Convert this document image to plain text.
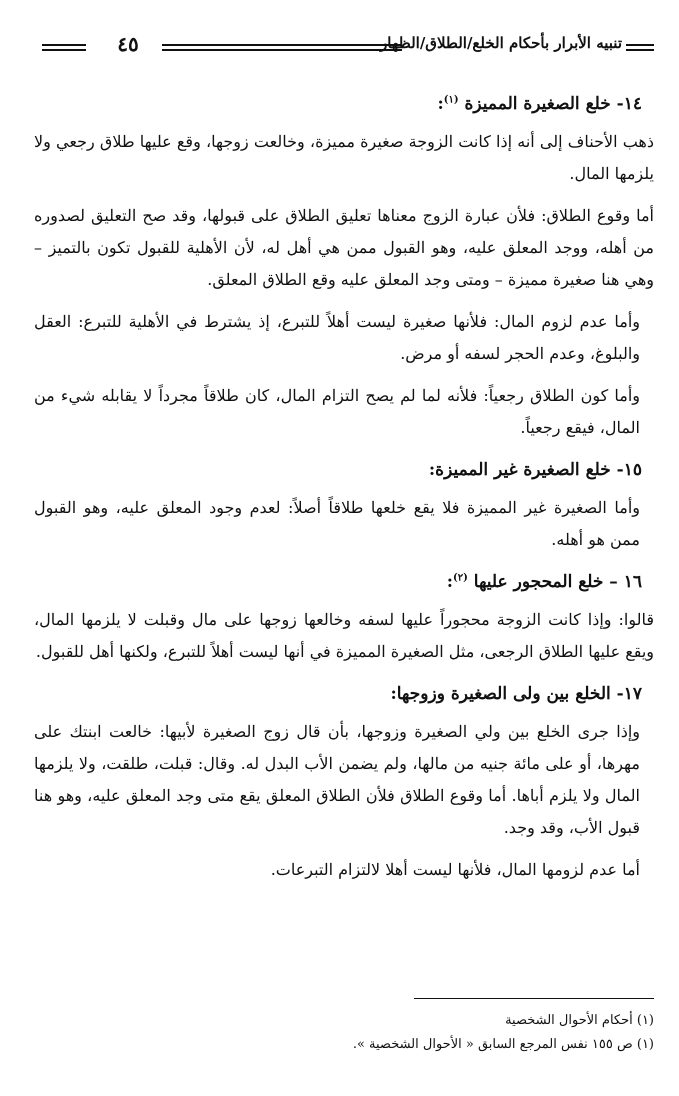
٤٥	تنبيه الأبرار بأحكام الخلع/الطلاق/الظهار
١٤- خلع الصغيرة المميزة $^{(١)}$:

ذهب الأحناف إلى أنه إذا كانت الزوجة صغيرة مميزة، وخالعت زوجها، وقع عليها طلاق رجعي ولا يلزمها المال.

أما وقوع الطلاق: فلأن عبارة الزوج معناها تعليق الطلاق على قبولها، وقد صح التعليق لصدوره من أهله، ووجد المعلق عليه، وهو القبول ممن هي أهل له، لأن الأهلية للقبول تكون بالتميز – وهي هنا صغيرة مميزة – ومتى وجد المعلق عليه وقع الطلاق المعلق.

وأما عدم لزوم المال: فلأنها صغيرة ليست أهلاً للتبرع، إذ يشترط في الأهلية للتبرع: العقل والبلوغ، وعدم الحجر لسفه أو مرض.

وأما كون الطلاق رجعياً: فلأنه لما لم يصح التزام المال، كان طلاقاً مجرداً لا يقابله شيء من المال، فيقع رجعياً.

١٥- خلع الصغيرة غير المميزة:

وأما الصغيرة غير المميزة فلا يقع خلعها طلاقاً أصلاً: لعدم وجود المعلق عليه، وهو القبول ممن هو أهله.

١٦ – خلع المحجور عليها $^{(٢)}$:

قالوا: وإذا كانت الزوجة محجوراً عليها لسفه وخالعها زوجها على مال وقبلت لا يلزمها المال، ويقع عليها الطلاق الرجعى، مثل الصغيرة المميزة في أنها ليست أهلاً للتبرع، ولكنها أهل للقبول.

١٧- الخلع بين ولى الصغيرة وزوجها:

وإذا جرى الخلع بين ولي الصغيرة وزوجها، بأن قال زوج الصغيرة لأبيها: خالعت ابنتك على مهرها، أو على مائة جنيه من مالها، ولم يضمن الأب البدل له. وقال: قبلت، طلقت، ولا يلزمها المال ولا يلزم أباها. أما وقوع الطلاق فلأن الطلاق المعلق يقع متى وجد المعلق عليه، وهو هنا قبول الأب، وقد وجد.

أما عدم لزومها المال، فلأنها ليست أهلا لالتزام التبرعات.

(١) أحكام الأحوال الشخصية
(١) ص ١٥٥ نفس المرجع السابق « الأحوال الشخصية ».
